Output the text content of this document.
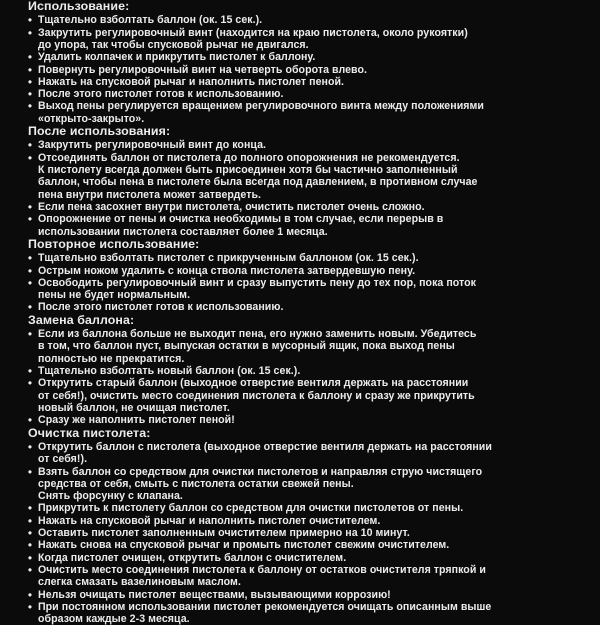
Использование:
• Тщательно взболтать баллон (ок. 15 сек.).
• Закрутить регулировочный винт (находится на краю пистолета, около рукоятки)
до упора, так чтобы спусковой рычаг не двигался.
• Удалить колпачек и прикрутить пистолет к баллону.
• Повернуть регулировочный винт на четверть оборота влево.
• Нажать на спусковой рычаг и наполнить пистолет пеной.
• После этого пистолет готов к использованию.
• Выход пены регулируется вращением регулировочного винта между положениями
«открыто-закрыто».
После использования:
• Закрутить регулировочный винт до конца.
• Отсоединять баллон от пистолета до полного опорожнения не рекомендуется.
К пистолету всегда должен быть присоединен хотя бы частично заполненный
баллон, чтобы пена в пистолете была всегда под давлением, в противном случае
пена внутри пистолета может затвердеть.
• Если пена засохнет внутри пистолета, очистить пистолет очень сложно.
• Опорожнение от пены и очистка необходимы в том случае, если перерыв в
использовании пистолета составляет более 1 месяца.
Повторное использование:
• Тщательно взболтать пистолет с прикрученным баллоном (ок. 15 сек.).
• Острым ножом удалить с конца ствола пистолета затвердевшую пену.
• Освободить регулировочный винт и сразу выпустить пену до тех пор, пока поток
пены не будет нормальным.
• После этого пистолет готов к использованию.
Замена баллона:
• Если из баллона больше не выходит пена, его нужно заменить новым. Убедитесь
в том, что баллон пуст, выпуская остатки в мусорный ящик, пока выход пены
полностью не прекратится.
• Тщательно взболтать новый баллон (ок. 15 сек.).
• Открутить старый баллон (выходное отверстие вентиля держать на расстоянии
от себя!), очистить место соединения пистолета к баллону и сразу же прикрутить
новый баллон, не очищая пистолет.
• Сразу же наполнить пистолет пеной!
Очистка пистолета:
• Открутить баллон с пистолета (выходное отверстие вентиля держать на расстоянии
от себя!).
• Взять баллон со средством для очистки пистолетов и направляя струю чистящего
средства от себя, смыть с пистолета остатки свежей пены.
Снять форсунку с клапана.
• Прикрутить к пистолету баллон со средством для очистки пистолетов от пены.
• Нажать на спусковой рычаг и наполнить пистолет очистителем.
• Оставить пистолет заполненным очистителем примерно на 10 минут.
• Нажать снова на спусковой рычаг и промыть пистолет свежим очистителем.
• Когда пистолет очищен, открутить баллон с очистителем.
• Очистить место соединения пистолета к баллону от остатков очистителя тряпкой и
слегка смазать вазелиновым маслом.
• Нельзя очищать пистолет веществами, вызывающими коррозию!
• При постоянном использовании пистолет рекомендуется очищать описанным выше
образом каждые 2-3 месяца.
